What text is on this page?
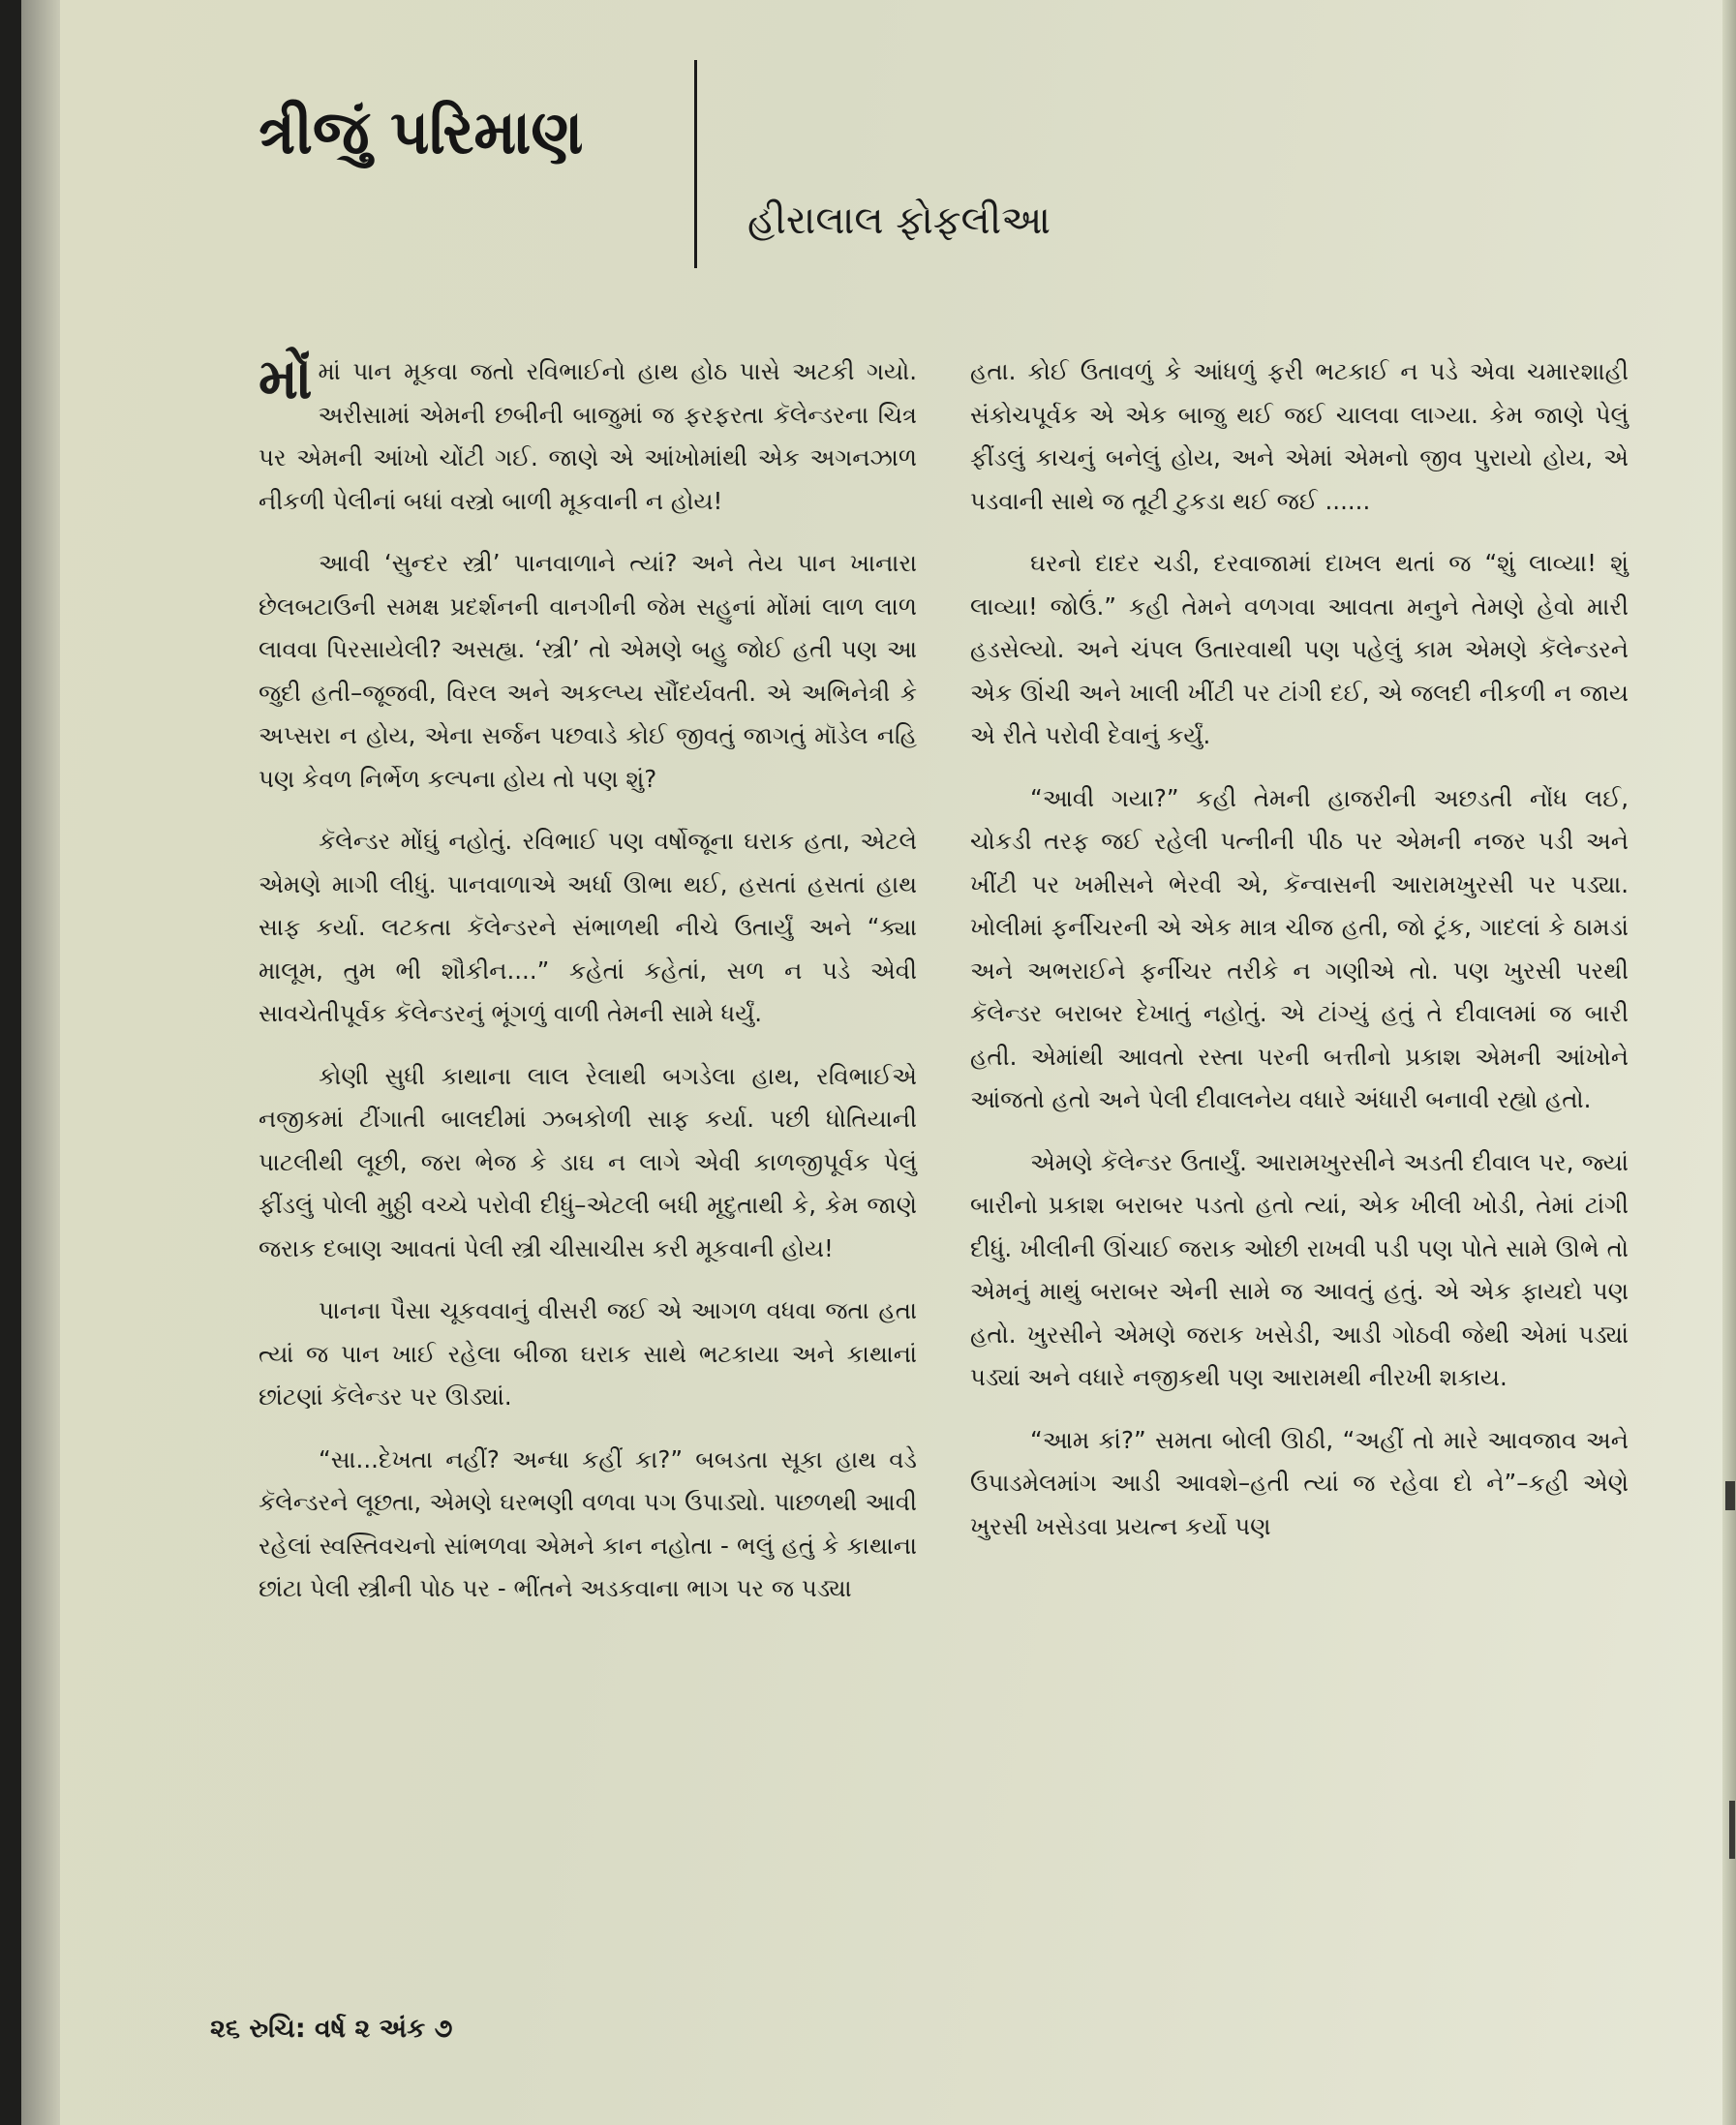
ત્રીજું પરિમાણ
હીરાલાલ ફોફલીઆ

મોંમાં પાન મૂકવા જતો રવિભાઈનો હાથ હોઠ પાસે અટકી ગયો. અરીસામાં એમની છબીની બાજુમાં જ ફરફરતા કૅલેન્ડરના ચિત્ર પર એમની આંખો ચોંટી ગઈ. જાણે એ આંખોમાંથી એક અગનઝાળ નીકળી પેલીનાં બધાં વસ્ત્રો બાળી મૂકવાની ન હોય!

આવી ‘સુન્દર સ્ત્રી’ પાનવાળાને ત્યાં? અને તેય પાન ખાનારા છેલબટાઉની સમક્ષ પ્રદર્શનની વાનગીની જેમ સહુનાં મોંમાં લાળ લાળ લાવવા પિરસાયેલી? અસહ્ય. ‘સ્ત્રી’ તો એમણે બહુ જોઈ હતી પણ આ જુદી હતી–જૂજવી, વિરલ અને અકલ્પ્ય સૌંદર્યવતી. એ અભિનેત્રી કે અપ્સરા ન હોય, એના સર્જન પછવાડે કોઈ જીવતું જાગતું મૉડેલ નહિ પણ કેવળ નિર્ભેળ કલ્પના હોય તો પણ શું?

કૅલેન્ડર મોંઘું નહોતું. રવિભાઈ પણ વર્ષોજૂના ઘરાક હતા, એટલે એમણે માગી લીધું. પાનવાળાએ અર્ધા ઊભા થઈ, હસતાં હસતાં હાથ સાફ કર્યા. લટકતા કૅલેન્ડરને સંભાળથી નીચે ઉતાર્યું અને “ક્યા માલૂમ, તુમ ભી શૌકીન....” કહેતાં કહેતાં, સળ ન પડે એવી સાવચેતીપૂર્વક કૅલેન્ડરનું ભૂંગળું વાળી તેમની સામે ધર્યું.

કોણી સુધી કાથાના લાલ રેલાથી બગડેલા હાથ, રવિભાઈએ નજીકમાં ટીંગાતી બાલદીમાં ઝબકોળી સાફ કર્યા. પછી ધોતિયાની પાટલીથી લૂછી, જરા ભેજ કે ડાઘ ન લાગે એવી કાળજીપૂર્વક પેલું ફીંડલું પોલી મુઠ્ઠી વચ્ચે પરોવી દીધું–એટલી બધી મૃદુતાથી કે, કેમ જાણે જરાક દબાણ આવતાં પેલી સ્ત્રી ચીસાચીસ કરી મૂકવાની હોય!

પાનના પૈસા ચૂકવવાનું વીસરી જઈ એ આગળ વધવા જતા હતા ત્યાં જ પાન ખાઈ રહેલા બીજા ઘરાક સાથે ભટકાયા અને કાથાનાં છાંટણાં કૅલેન્ડર પર ઊડ્યાં.

“સા...દેખતા નહીં? અન્ધા કહીં કા?” બબડતા સૂકા હાથ વડે કૅલેન્ડરને લૂછતા, એમણે ઘરભણી વળવા પગ ઉપાડ્યો. પાછળથી આવી રહેલાં સ્વસ્તિવચનો સાંભળવા એમને કાન નહોતા - ભલું હતું કે કાથાના છાંટા પેલી સ્ત્રીની પોઠ પર - ભીંતને અડકવાના ભાગ પર જ પડ્યા

હતા. કોઈ ઉતાવળું કે આંધળું ફરી ભટકાઈ ન પડે એવા ચમારશાહી સંકોચપૂર્વક એ એક બાજુ થઈ જઈ ચાલવા લાગ્યા. કેમ જાણે પેલું ફીંડલું કાચનું બનેલું હોય, અને એમાં એમનો જીવ પુરાયો હોય, એ પડવાની સાથે જ તૂટી ટુકડા થઈ જઈ ......

ઘરનો દાદર ચડી, દરવાજામાં દાખલ થતાં જ “શું લાવ્યા! શું લાવ્યા! જોઉં.” કહી તેમને વળગવા આવતા મનુને તેમણે હેવો મારી હડસેલ્યો. અને ચંપલ ઉતારવાથી પણ પહેલું કામ એમણે કૅલેન્ડરને એક ઊંચી અને ખાલી ખીંટી પર ટાંગી દઈ, એ જલદી નીકળી ન જાય એ રીતે પરોવી દેવાનું કર્યું.

“આવી ગયા?” કહી તેમની હાજરીની અછડતી નોંધ લઈ, ચોકડી તરફ જઈ રહેલી પત્નીની પીઠ પર એમની નજર પડી અને ખીંટી પર ખમીસને ભેરવી એ, કૅન્વાસની આરામખુરસી પર પડ્યા. ખોલીમાં ફર્નીચરની એ એક માત્ર ચીજ હતી, જો ટ્રંક, ગાદલાં કે ઠામડાં અને અભરાઈને ફર્નીચર તરીકે ન ગણીએ તો. પણ ખુરસી પરથી કૅલેન્ડર બરાબર દેખાતું નહોતું. એ ટાંગ્યું હતું તે દીવાલમાં જ બારી હતી. એમાંથી આવતો રસ્તા પરની બત્તીનો પ્રકાશ એમની આંખોને આંજતો હતો અને પેલી દીવાલનેય વધારે અંધારી બનાવી રહ્યો હતો.

એમણે કૅલેન્ડર ઉતાર્યું. આરામખુરસીને અડતી દીવાલ પર, જ્યાં બારીનો પ્રકાશ બરાબર પડતો હતો ત્યાં, એક ખીલી ખોડી, તેમાં ટાંગી દીધું. ખીલીની ઊંચાઈ જરાક ઓછી રાખવી પડી પણ પોતે સામે ઊભે તો એમનું માથું બરાબર એની સામે જ આવતું હતું. એ એક ફાયદો પણ હતો. ખુરસીને એમણે જરાક ખસેડી, આડી ગોઠવી જેથી એમાં પડ્યાં પડ્યાં અને વધારે નજીકથી પણ આરામથી નીરખી શકાય.

“આમ કાં?” સમતા બોલી ઊઠી, “અહીં તો મારે આવજાવ અને ઉપાડમેલમાંગ આડી આવશે–હતી ત્યાં જ રહેવા દો ને”–કહી એણે ખુરસી ખસેડવા પ્રયત્ન કર્યો પણ

૨૬ રુચિ: વર્ષ ૨ અંક ૭
